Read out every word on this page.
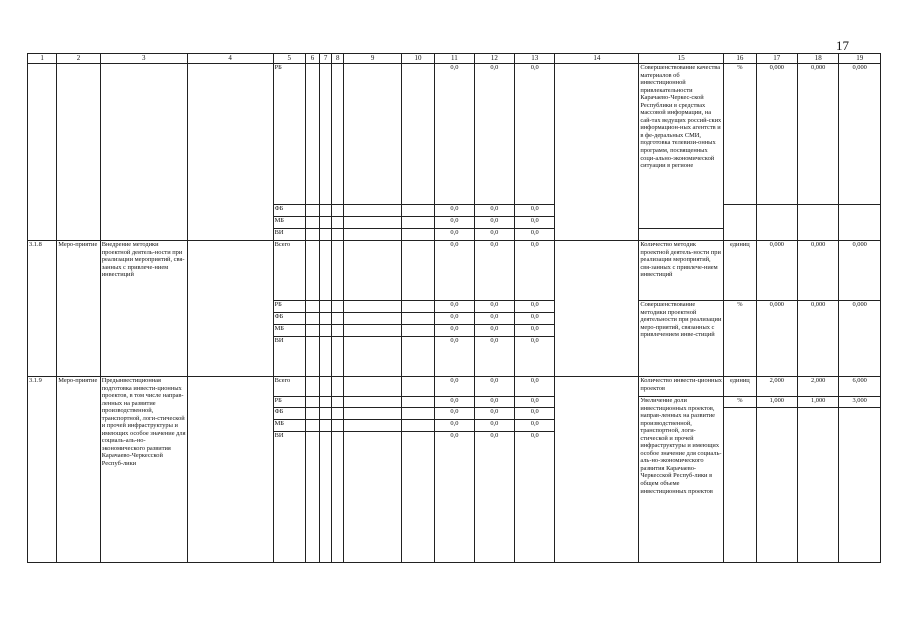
17
1	2	3	4	5	6	7	8	9	10	11	12	13	14	15	16	17	18	19
				РБ						0,0	0,0	0,0		Совершенствование качества материалов об инвестиционной привлекательности Карачаево-Черкес-ской Республики в средствах массовой информации, на сай-тах ведущих россий-ских информацион-ных агентств и в фе-деральных СМИ, подготовка телевизи-онных программ, посвященных соци-ально-экономической ситуации в регионе	%	0,000	0,000	0,000
				ФБ						0,0	0,0	0,0						
				МБ						0,0	0,0	0,0						
				ВИ						0,0	0,0	0,0						
3.1.8	Меро-приятие	Внедрение методики проектной деятель-ности при реализации мероприятий, свя-занных с привлече-нием инвестиций		Всего						0,0	0,0	0,0		Количество методик проектной деятель-ности при реализации мероприятий, свя-занных с привлече-нием инвестиций	единиц	0,000	0,000	0,000
				РБ						0,0	0,0	0,0		Совершенствование методики проектной деятельности при реализации меро-приятий, связанных с привлечением инве-стиций	%	0,000	0,000	0,000
				ФБ						0,0	0,0	0,0						
				МБ						0,0	0,0	0,0						
				ВИ						0,0	0,0	0,0						
3.1.9	Меро-приятие	Предынвестиционная подготовка инвести-ционных проектов, в том числе направ-ленных на развитие производственной, транспортной, логи-стической и прочей инфраструктуры и имеющих особое значение для социаль-аль-но-экономического развития Карачаево-Черкесской Респуб-лики		Всего						0,0	0,0	0,0		Количество инвести-ционных проектов	единиц	2,000	2,000	6,000
				РБ						0,0	0,0	0,0		Увеличение доли инвестиционных проектов, направ-ленных на развитие производственной, транспортной, логи-стической и прочей инфраструктуры и имеющих особое значение для социаль-аль-но-экономического развития Карачаево-Черкесской Респуб-лики в общем объеме инвестиционных проектов	%	1,000	1,000	3,000
				ФБ						0,0	0,0	0,0						
				МБ						0,0	0,0	0,0						
				ВИ						0,0	0,0	0,0						
